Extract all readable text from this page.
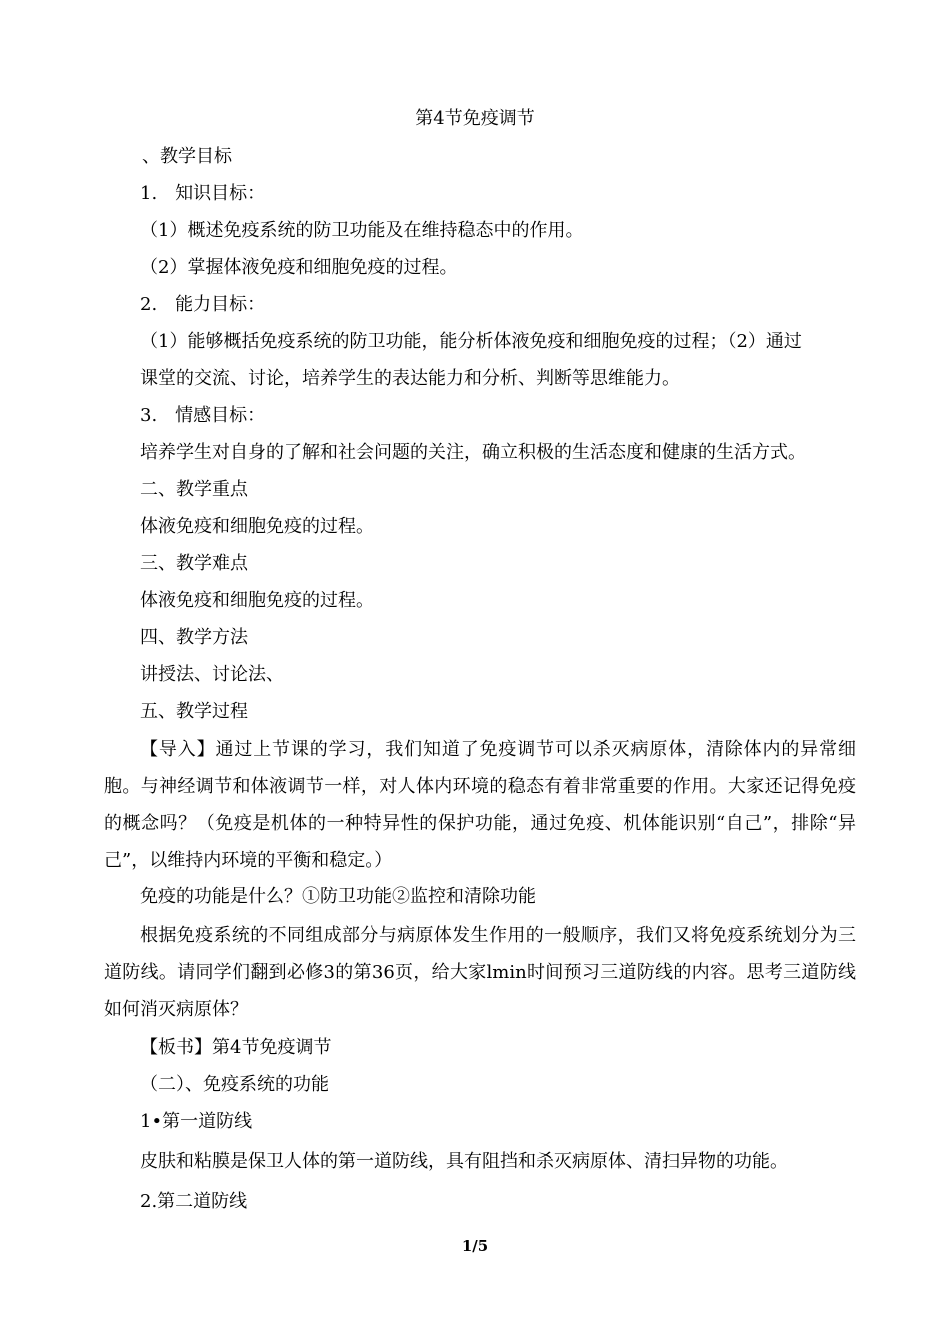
第4节免疫调节
、教学目标
1.　知识目标：
（1）概述免疫系统的防卫功能及在维持稳态中的作用。
（2）掌握体液免疫和细胞免疫的过程。
2.　能力目标：
（1）能够概括免疫系统的防卫功能，能分析体液免疫和细胞免疫的过程；（2）通过
课堂的交流、讨论，培养学生的表达能力和分析、判断等思维能力。
3.　情感目标：
培养学生对自身的了解和社会问题的关注，确立积极的生活态度和健康的生活方式。
二、教学重点
体液免疫和细胞免疫的过程。
三、教学难点
体液免疫和细胞免疫的过程。
四、教学方法
讲授法、讨论法、
五、教学过程
【导入】通过上节课的学习，我们知道了免疫调节可以杀灭病原体，清除体内的异常细胞。与神经调节和体液调节一样，对人体内环境的稳态有着非常重要的作用。大家还记得免疫的概念吗？（免疫是机体的一种特异性的保护功能，通过免疫、机体能识别“自己”，排除“异己”，以维持内环境的平衡和稳定。）
免疫的功能是什么？①防卫功能②监控和清除功能
根据免疫系统的不同组成部分与病原体发生作用的一般顺序，我们又将免疫系统划分为三道防线。请同学们翻到必修3的第36页，给大家lmin时间预习三道防线的内容。思考三道防线如何消灭病原体？
【板书】第4节免疫调节
（二）、免疫系统的功能
1•第一道防线
皮肤和粘膜是保卫人体的第一道防线，具有阻挡和杀灭病原体、清扫异物的功能。
2.第二道防线
1/5
